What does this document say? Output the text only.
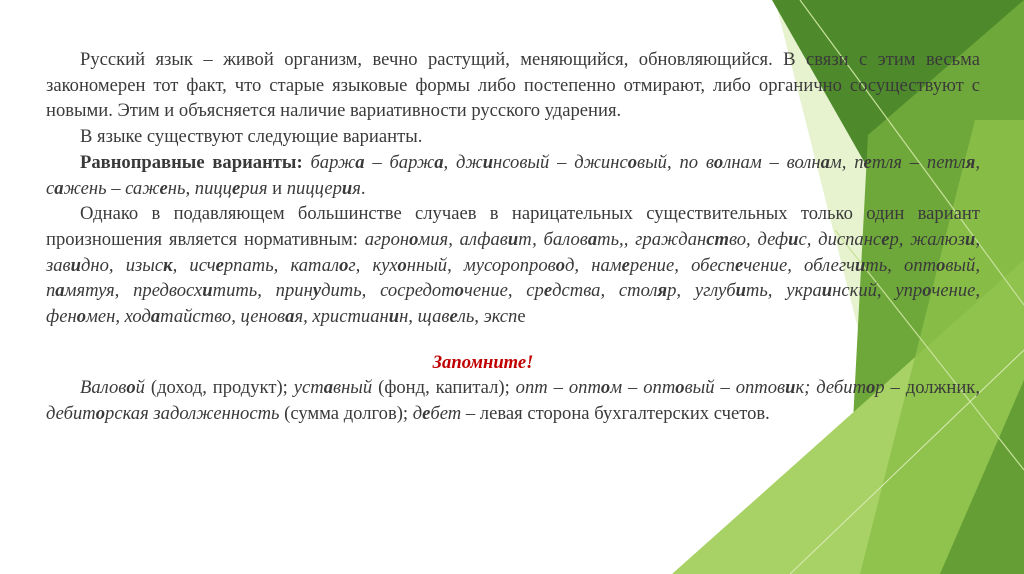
Русский язык – живой организм, вечно растущий, меняющийся, обновляющийся. В связи с этим весьма закономерен тот факт, что старые языковые формы либо постепенно отмирают, либо органично сосуществуют с новыми. Этим и объясняется наличие вариативности русского ударения.

В языке существуют следующие варианты.

Равноправные варианты: баржа – баржа, джинсовый – джинсовый, по волнам – волнам, петля – петля, сажень – сажень, пиццерия и пиццерия.

Однако в подавляющем большинстве случаев в нарицательных существительных только один вариант произношения является нормативным: агрономия, алфавит, баловать,, гражданство, дефис, диспансер, жалюзи, завидно, изыск, исчерпать, каталог, кухонный, мусоропровод, намерение, обеспечение, облегчить, оптовый, памятуя, предвосхитить, принудить, сосредоточение, средства, столяр, углубить, украинский, упрочение, феномен, ходатайство, ценовая, христианин, щавель, экспе

Запомните!

Валовой (доход, продукт); уставный (фонд, капитал); опт – оптом – оптовый – оптовик; дебитор – должник, дебиторская задолженность (сумма долгов); дебет – левая сторона бухгалтерских счетов.
